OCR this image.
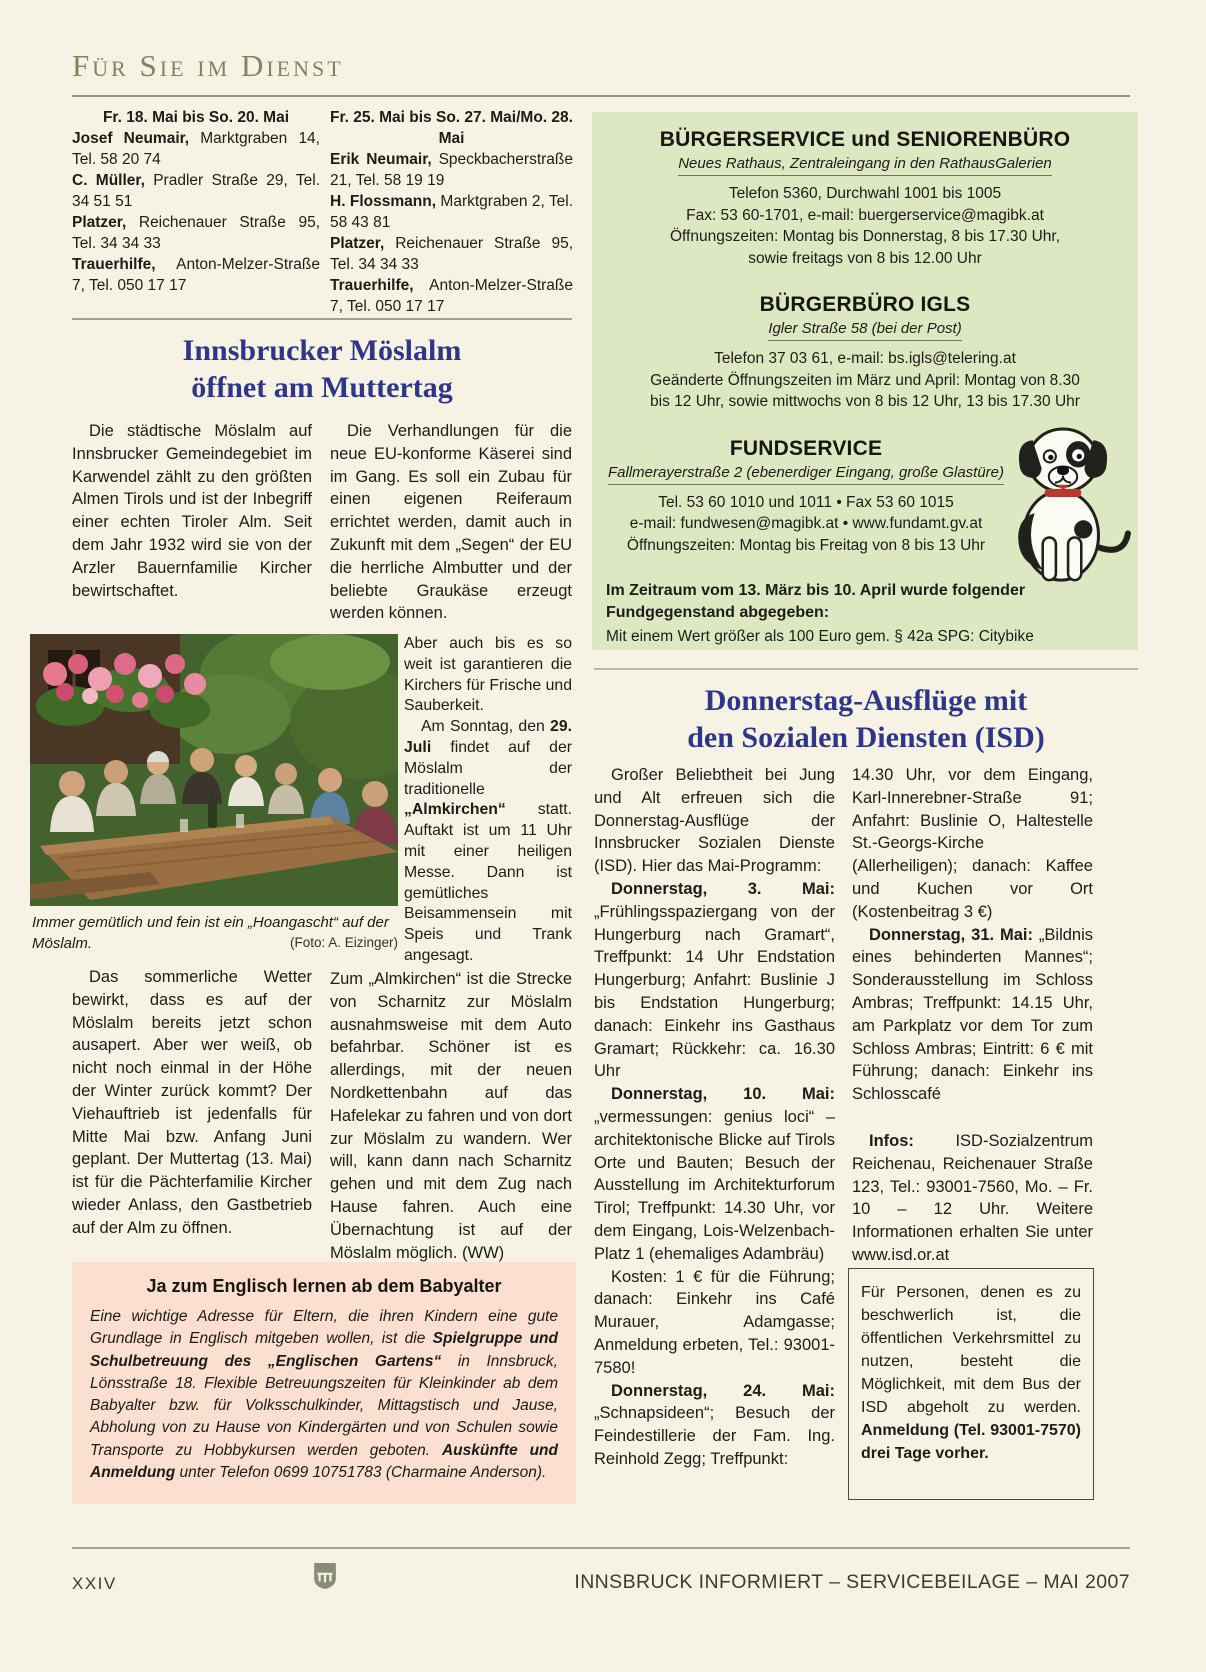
Für Sie im Dienst
Fr. 18. Mai bis So. 20. Mai
Josef Neumair, Marktgraben 14, Tel. 58 20 74
C. Müller, Pradler Straße 29, Tel. 34 51 51
Platzer, Reichenauer Straße 95, Tel. 34 34 33
Trauerhilfe, Anton-Melzer-Straße 7, Tel. 050 17 17
Fr. 25. Mai bis So. 27. Mai/Mo. 28. Mai
Erik Neumair, Speckbacherstraße 21, Tel. 58 19 19
H. Flossmann, Marktgraben 2, Tel. 58 43 81
Platzer, Reichenauer Straße 95, Tel. 34 34 33
Trauerhilfe, Anton-Melzer-Straße 7, Tel. 050 17 17
BÜRGERSERVICE und SENIORENBÜRO
Neues Rathaus, Zentraleingang in den RathausGalerien
Telefon 5360, Durchwahl 1001 bis 1005
Fax: 53 60-1701, e-mail: buergerservice@magibk.at
Öffnungszeiten: Montag bis Donnerstag, 8 bis 17.30 Uhr,
sowie freitags von 8 bis 12.00 Uhr
BÜRGERBÜRO IGLS
Igler Straße 58 (bei der Post)
Telefon 37 03 61, e-mail: bs.igls@telering.at
Geänderte Öffnungszeiten im März und April: Montag von 8.30
bis 12 Uhr, sowie mittwochs von 8 bis 12 Uhr, 13 bis 17.30 Uhr
FUNDSERVICE
Fallmerayerstraße 2 (ebenerdiger Eingang, große Glastüre)
Tel. 53 60 1010 und 1011 • Fax 53 60 1015
e-mail: fundwesen@magibk.at • www.fundamt.gv.at
Öffnungszeiten: Montag bis Freitag von 8 bis 13 Uhr
Im Zeitraum vom 13. März bis 10. April wurde folgender Fundgegenstand abgegeben:
Mit einem Wert größer als 100 Euro gem. § 42a SPG: Citybike
Innsbrucker Möslalm
öffnet am Muttertag
Die städtische Möslalm auf Innsbrucker Gemeindegebiet im Karwendel zählt zu den größten Almen Tirols und ist der Inbegriff einer echten Tiroler Alm. Seit dem Jahr 1932 wird sie von der Arzler Bauernfamilie Kircher bewirtschaftet.
Immer gemütlich und fein ist ein „Hoangascht“ auf der Möslalm.	(Foto: A. Eizinger)
Das sommerliche Wetter bewirkt, dass es auf der Möslalm bereits jetzt schon ausapert. Aber wer weiß, ob nicht noch einmal in der Höhe der Winter zurück kommt? Der Viehauftrieb ist jedenfalls für Mitte Mai bzw. Anfang Juni geplant. Der Muttertag (13. Mai) ist für die Pächterfamilie Kircher wieder Anlass, den Gastbetrieb auf der Alm zu öffnen.
Die Verhandlungen für die neue EU-konforme Käserei sind im Gang. Es soll ein Zubau für einen eigenen Reiferaum errichtet werden, damit auch in Zukunft mit dem „Segen“ der EU die herrliche Almbutter und der beliebte Graukäse erzeugt werden können.
Aber auch bis es so weit ist garantieren die Kirchers für Frische und Sauberkeit.
Am Sonntag, den 29. Juli findet auf der Möslalm der traditionelle „Almkirchen“ statt. Auftakt ist um 11 Uhr mit einer heiligen Messe. Dann ist gemütliches Beisammensein mit Speis und Trank angesagt.
Zum „Almkirchen“ ist die Strecke von Scharnitz zur Möslalm ausnahmsweise mit dem Auto befahrbar. Schöner ist es allerdings, mit der neuen Nordkettenbahn auf das Hafelekar zu fahren und von dort zur Möslalm zu wandern. Wer will, kann dann nach Scharnitz gehen und mit dem Zug nach Hause fahren. Auch eine Übernachtung ist auf der Möslalm möglich. (WW)
Ja zum Englisch lernen ab dem Babyalter
Eine wichtige Adresse für Eltern, die ihren Kindern eine gute Grundlage in Englisch mitgeben wollen, ist die Spielgruppe und Schulbetreuung des „Englischen Gartens“ in Innsbruck, Lönsstraße 18. Flexible Betreuungszeiten für Kleinkinder ab dem Babyalter bzw. für Volksschulkinder, Mittagstisch und Jause, Abholung von zu Hause von Kindergärten und von Schulen sowie Transporte zu Hobbykursen werden geboten. Auskünfte und Anmeldung unter Telefon 0699 10751783 (Charmaine Anderson).
Donnerstag-Ausflüge mit
den Sozialen Diensten (ISD)
Großer Beliebtheit bei Jung und Alt erfreuen sich die Donnerstag-Ausflüge der Innsbrucker Sozialen Dienste (ISD). Hier das Mai-Programm:
Donnerstag, 3. Mai: „Frühlingsspaziergang von der Hungerburg nach Gramart“, Treffpunkt: 14 Uhr Endstation Hungerburg; Anfahrt: Buslinie J bis Endstation Hungerburg; danach: Einkehr ins Gasthaus Gramart; Rückkehr: ca. 16.30 Uhr
Donnerstag, 10. Mai: „vermessungen: genius loci“ – architektonische Blicke auf Tirols Orte und Bauten; Besuch der Ausstellung im Architekturforum Tirol; Treffpunkt: 14.30 Uhr, vor dem Eingang, Lois-Welzenbach-Platz 1 (ehemaliges Adambräu)
Kosten: 1 € für die Führung; danach: Einkehr ins Café Murauer, Adamgasse; Anmeldung erbeten, Tel.: 93001-7580!
Donnerstag, 24. Mai: „Schnapsideen“; Besuch der Feindestillerie der Fam. Ing. Reinhold Zegg; Treffpunkt:
14.30 Uhr, vor dem Eingang, Karl-Innerebner-Straße 91; Anfahrt: Buslinie O, Haltestelle St.-Georgs-Kirche (Allerheiligen); danach: Kaffee und Kuchen vor Ort (Kostenbeitrag 3 €)
Donnerstag, 31. Mai: „Bildnis eines behinderten Mannes“; Sonderausstellung im Schloss Ambras; Treffpunkt: 14.15 Uhr, am Parkplatz vor dem Tor zum Schloss Ambras; Eintritt: 6 € mit Führung; danach: Einkehr ins Schlosscafé
Infos: ISD-Sozialzentrum Reichenau, Reichenauer Straße 123, Tel.: 93001-7560, Mo. – Fr. 10 – 12 Uhr. Weitere Informationen erhalten Sie unter www.isd.or.at
Für Personen, denen es zu beschwerlich ist, die öffentlichen Verkehrsmittel zu nutzen, besteht die Möglichkeit, mit dem Bus der ISD abgeholt zu werden. Anmeldung (Tel. 93001-7570) drei Tage vorher.
XXIV	INNSBRUCK INFORMIERT – SERVICEBEILAGE – MAI 2007
